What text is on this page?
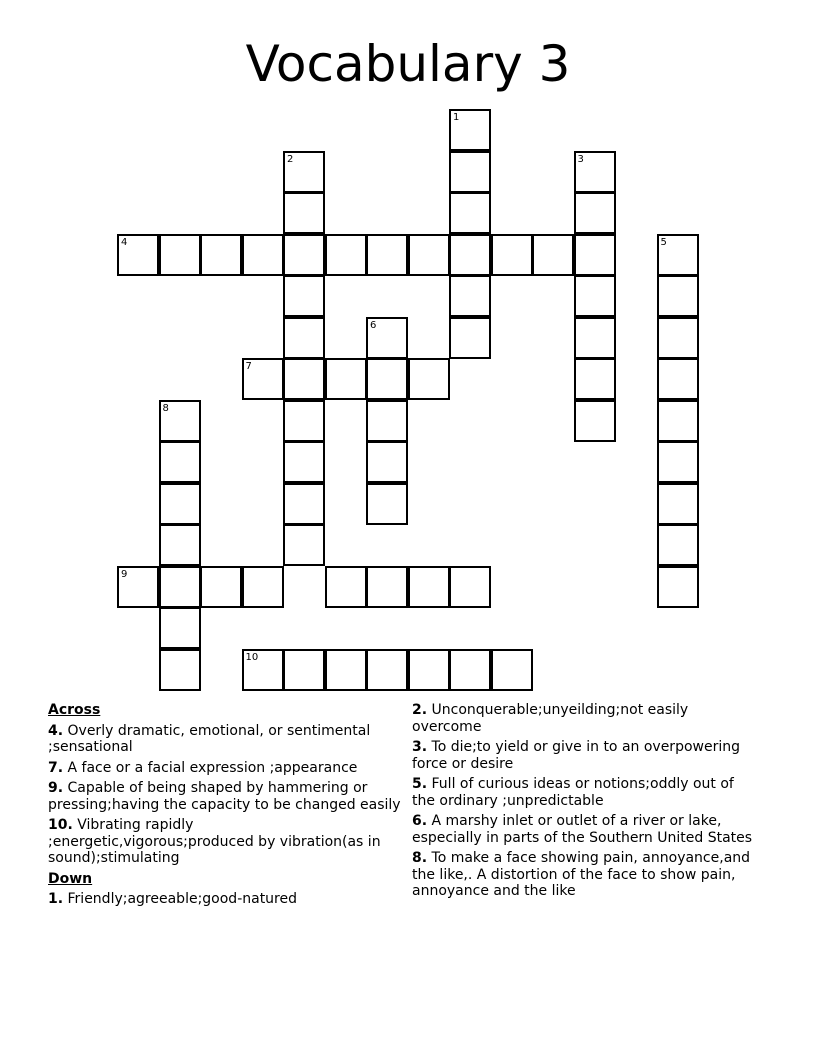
Vocabulary 3
1
2	3
4	5
6
7
8
9
10
Across
4. Overly dramatic, emotional, or sentimental ;sensational
7. A face or a facial expression ;appearance
9. Capable of being shaped by hammering or pressing;having the capacity to be changed easily
10. Vibrating rapidly ;energetic,vigorous;produced by vibration(as in sound);stimulating
Down
1. Friendly;agreeable;good-natured
2. Unconquerable;unyeilding;not easily overcome
3. To die;to yield or give in to an overpowering force or desire
5. Full of curious ideas or notions;oddly out of the ordinary ;unpredictable
6. A marshy inlet or outlet of a river or lake, especially in parts of the Southern United States
8. To make a face showing pain, annoyance,and the like,. A distortion of the face to show pain, annoyance and the like
